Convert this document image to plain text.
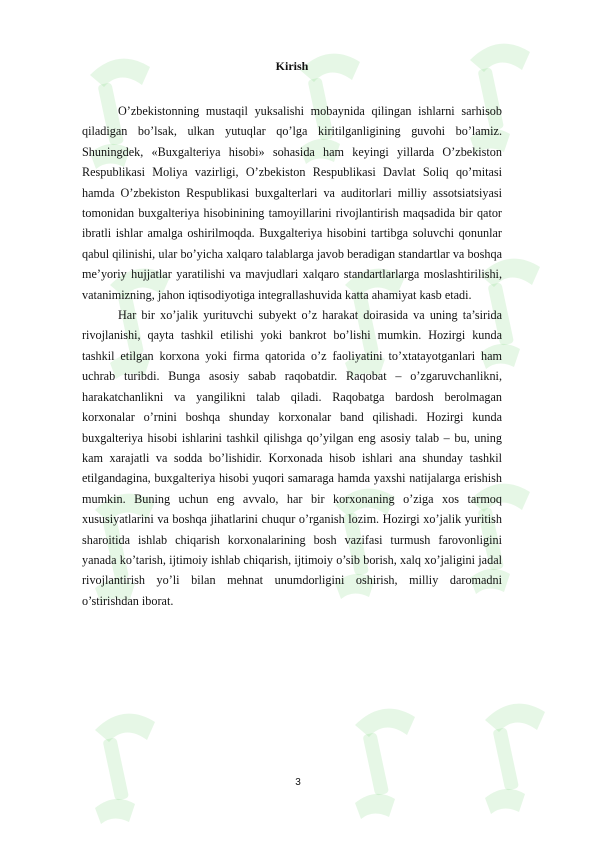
Kirish

O’zbekistonning mustaqil yuksalishi mobaynida qilingan ishlarni sarhisob qiladigan bo’lsak, ulkan yutuqlar qo’lga kiritilganligining guvohi bo’lamiz. Shuningdek, «Buxgalteriya hisobi» sohasida ham keyingi yillarda O’zbekiston Respublikasi Moliya vazirligi, O’zbekiston Respublikasi Davlat Soliq qo’mitasi hamda O’zbekiston Respublikasi buxgalterlari va auditorlari milliy assotsiatsiyasi tomonidan buxgalteriya hisobinining tamoyillarini rivojlantirish maqsadida bir qator ibratli ishlar amalga oshirilmoqda. Buxgalteriya hisobini tartibga soluvchi qonunlar qabul qilinishi, ular bo’yicha xalqaro talablarga javob beradigan standartlar va boshqa me’yoriy hujjatlar yaratilishi va mavjudlari xalqaro standartlarlarga moslashtirilishi, vatanimizning, jahon iqtisodiyotiga integrallashuvida katta ahamiyat kasb etadi.

Har bir xo’jalik yurituvchi subyekt o’z harakat doirasida va uning ta’sirida rivojlanishi, qayta tashkil etilishi yoki bankrot bo’lishi mumkin. Hozirgi kunda tashkil etilgan korxona yoki firma qatorida o’z faoliyatini to’xtatayotganlari ham uchrab turibdi. Bunga asosiy sabab raqobatdir. Raqobat – o’zgaruvchanlikni, harakatchanlikni va yangilikni talab qiladi. Raqobatga bardosh berolmagan korxonalar o’rnini boshqa shunday korxonalar band qilishadi. Hozirgi kunda buxgalteriya hisobi ishlarini tashkil qilishga qo’yilgan eng asosiy talab – bu, uning kam xarajatli va sodda bo’lishidir. Korxonada hisob ishlari ana shunday tashkil etilgandagina, buxgalteriya hisobi yuqori samaraga hamda yaxshi natijalarga erishish mumkin. Buning uchun eng avvalo, har bir korxonaning o’ziga xos tarmoq xususiyatlarini va boshqa jihatlarini chuqur o’rganish lozim. Hozirgi xo’jalik yuritish sharoitida ishlab chiqarish korxonalarining bosh vazifasi turmush farovonligini yanada ko’tarish, ijtimoiy ishlab chiqarish, ijtimoiy o’sib borish, xalq xo’jaligini jadal rivojlantirish yo’li bilan mehnat unumdorligini oshirish, milliy daromadni o’stirishdan iborat.

3
